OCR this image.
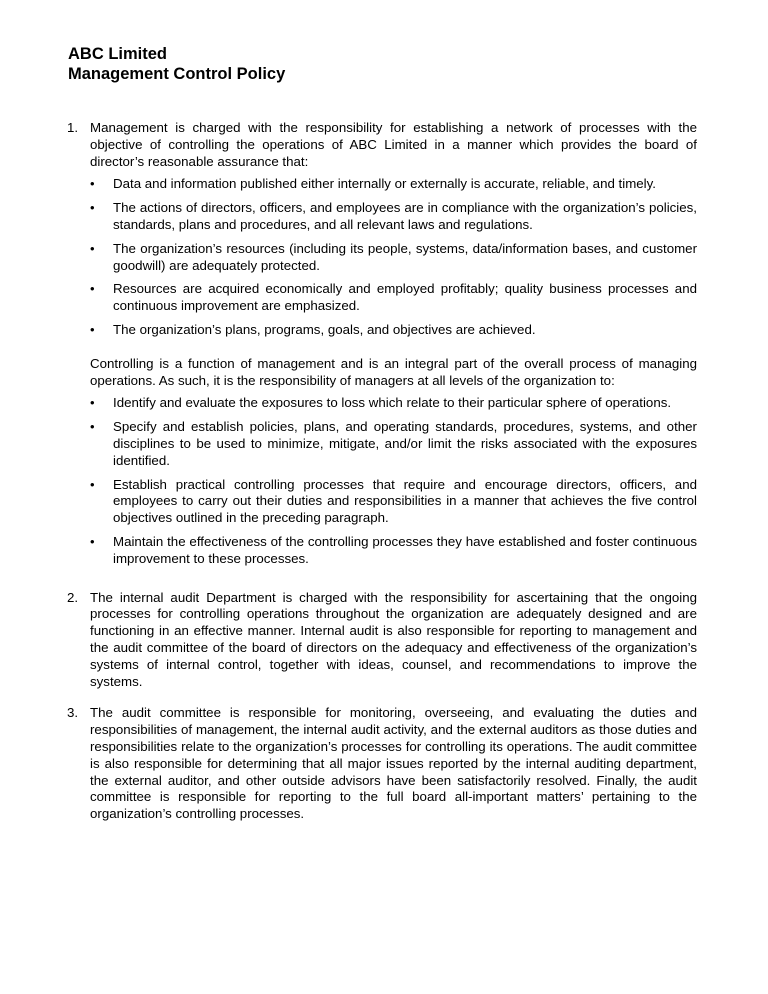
ABC Limited
Management Control Policy
1. Management is charged with the responsibility for establishing a network of processes with the objective of controlling the operations of ABC Limited in a manner which provides the board of director’s reasonable assurance that:

•	Data and information published either internally or externally is accurate, reliable, and timely.
•	The actions of directors, officers, and employees are in compliance with the organization’s policies, standards, plans and procedures, and all relevant laws and regulations.
•	The organization’s resources (including its people, systems, data/information bases, and customer goodwill) are adequately protected.
•	Resources are acquired economically and employed profitably; quality business processes and continuous improvement are emphasized.
•	The organization’s plans, programs, goals, and objectives are achieved.

Controlling is a function of management and is an integral part of the overall process of managing operations. As such, it is the responsibility of managers at all levels of the organization to:

•	Identify and evaluate the exposures to loss which relate to their particular sphere of operations.
•	Specify and establish policies, plans, and operating standards, procedures, systems, and other disciplines to be used to minimize, mitigate, and/or limit the risks associated with the exposures identified.
•	Establish practical controlling processes that require and encourage directors, officers, and employees to carry out their duties and responsibilities in a manner that achieves the five control objectives outlined in the preceding paragraph.
•	Maintain the effectiveness of the controlling processes they have established and foster continuous improvement to these processes.
2. The internal audit Department is charged with the responsibility for ascertaining that the ongoing processes for controlling operations throughout the organization are adequately designed and are functioning in an effective manner. Internal audit is also responsible for reporting to management and the audit committee of the board of directors on the adequacy and effectiveness of the organization’s systems of internal control, together with ideas, counsel, and recommendations to improve the systems.

3. The audit committee is responsible for monitoring, overseeing, and evaluating the duties and responsibilities of management, the internal audit activity, and the external auditors as those duties and responsibilities relate to the organization’s processes for controlling its operations. The audit committee is also responsible for determining that all major issues reported by the internal auditing department, the external auditor, and other outside advisors have been satisfactorily resolved. Finally, the audit committee is responsible for reporting to the full board all-important matters’ pertaining to the organization’s controlling processes.
